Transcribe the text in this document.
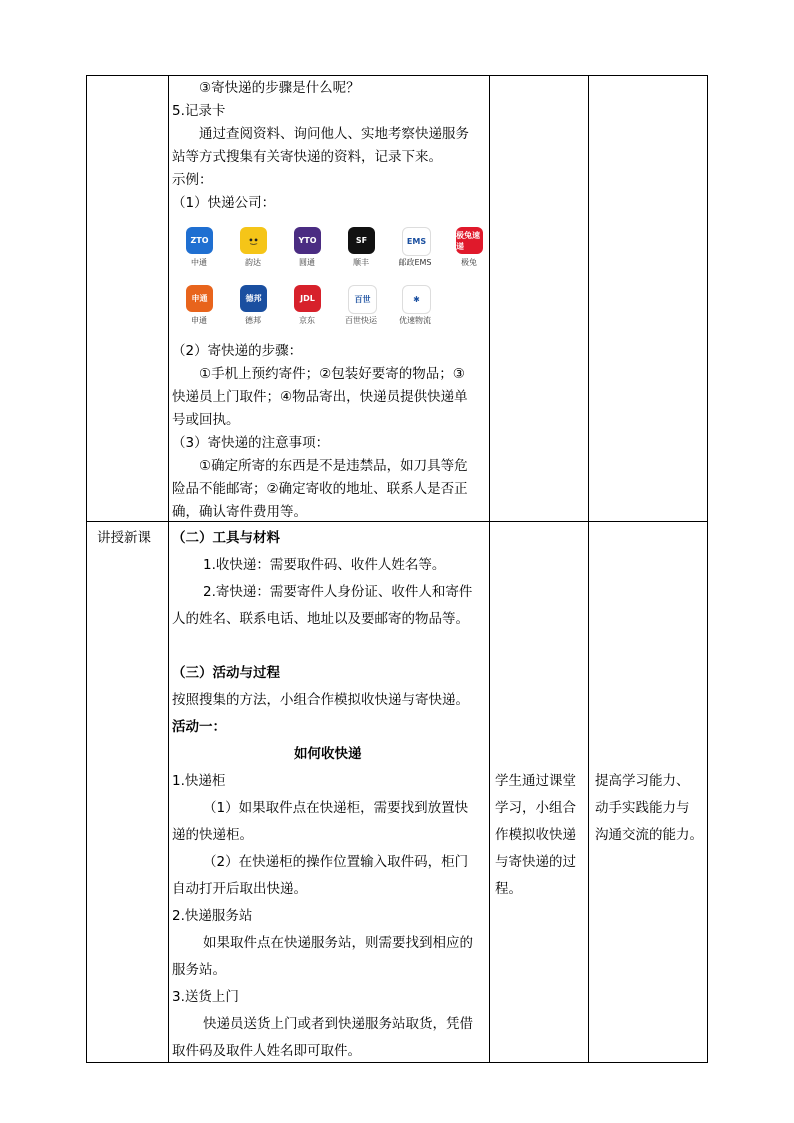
③寄快递的步骤是什么呢？
5.记录卡
通过查阅资料、询问他人、实地考察快递服务
站等方式搜集有关寄快递的资料，记录下来。
示例：
（1）快递公司：
ZTO
中通
•͜•
韵达
YTO
圆通
SF
顺丰
EMS
邮政EMS
极兔速递
极兔
申通
申通
德邦
德邦
JDL
京东
百世
百世快运
✱
优速物流
（2）寄快递的步骤：
①手机上预约寄件；②包装好要寄的物品；③
快递员上门取件；④物品寄出，快递员提供快递单
号或回执。
（3）寄快递的注意事项：
①确定所寄的东西是不是违禁品，如刀具等危
险品不能邮寄；②确定寄收的地址、联系人是否正
确，确认寄件费用等。
讲授新课 （二）工具与材料
1.收快递：需要取件码、收件人姓名等。
2.寄快递：需要寄件人身份证、收件人和寄件
人的姓名、联系电话、地址以及要邮寄的物品等。
（三）活动与过程
按照搜集的方法，小组合作模拟收快递与寄快递。
活动一：
如何收快递
1.快递柜
（1）如果取件点在快递柜，需要找到放置快
递的快递柜。
（2）在快递柜的操作位置输入取件码，柜门
自动打开后取出快递。
2.快递服务站
如果取件点在快递服务站，则需要找到相应的
服务站。
3.送货上门
快递员送货上门或者到快递服务站取货，凭借
取件码及取件人姓名即可取件。
学生通过课堂
学习，小组合
作模拟收快递
与寄快递的过
程。
提高学习能力、
动手实践能力与
沟通交流的能力。
